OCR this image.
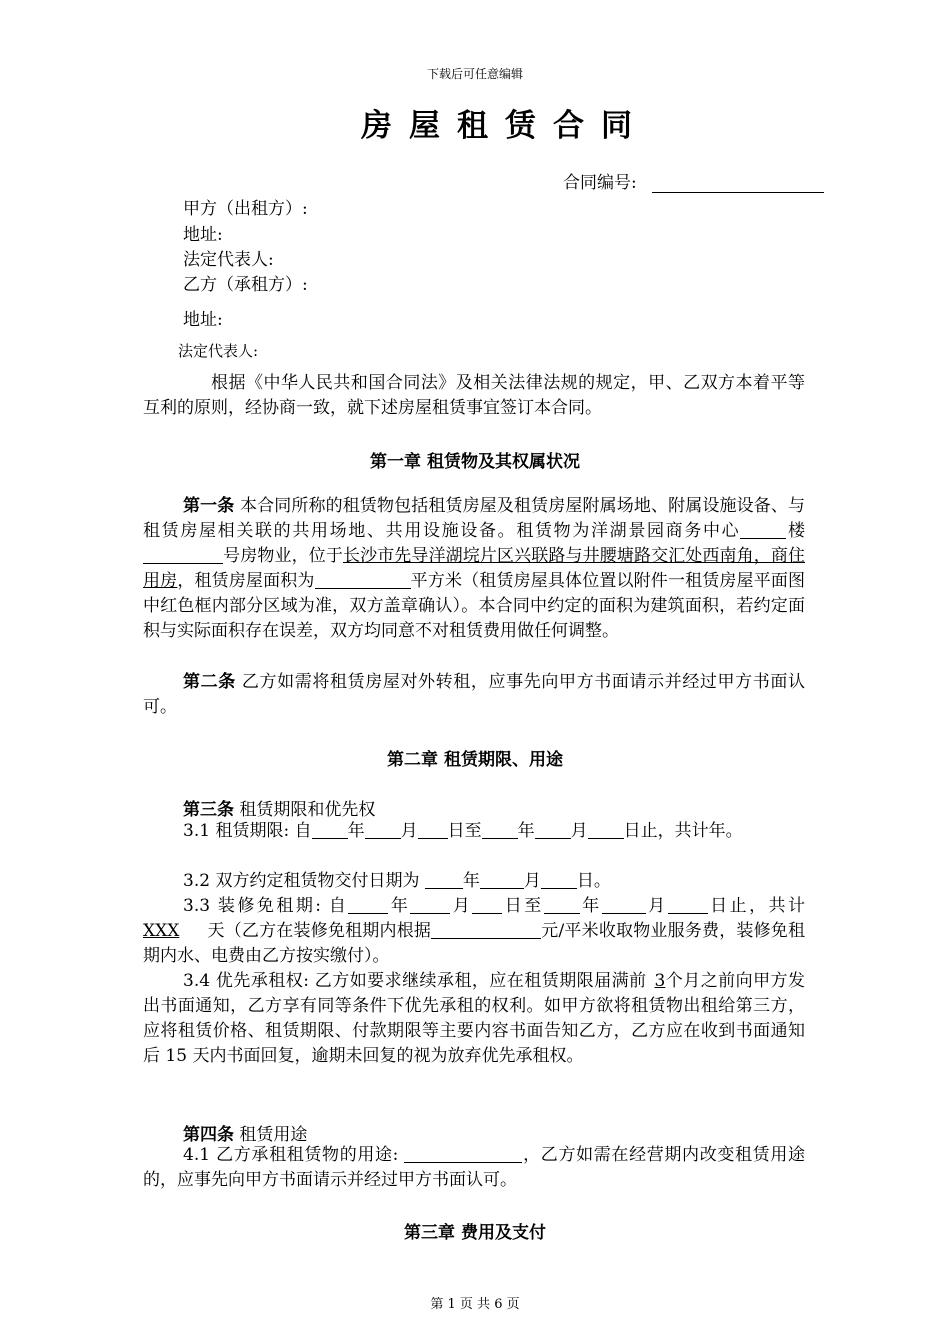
下载后可任意编辑
房屋租赁合同
合同编号:
甲方（出租方）:
地址:
法定代表人:
乙方（承租方）:
地址:
法定代表人:

根据《中华人民共和国合同法》及相关法律法规的规定，甲、乙双方本着平等互利的原则，经协商一致，就下述房屋租赁事宜签订本合同。

第一章 租赁物及其权属状况

第一条 本合同所称的租赁物包括租赁房屋及租赁房屋附属场地、附属设施设备、与租赁房屋相关联的共用场地、共用设施设备。租赁物为洋湖景园商务中心	楼号房物业，位于长沙市先导洋湖垸片区兴联路与井腰塘路交汇处西南角，商住用房，租赁房屋面积为	平方米（租赁房屋具体位置以附件一租赁房屋平面图中红色框内部分区域为准，双方盖章确认）。本合同中约定的面积为建筑面积，若约定面积与实际面积存在误差，双方均同意不对租赁费用做任何调整。

第二条 乙方如需将租赁房屋对外转租，应事先向甲方书面请示并经过甲方书面认可。

第二章 租赁期限、用途
第三条 租赁期限和优先权

3.1 租赁期限: 自 年 月 日至 年 月 日止，共计年。

3.2 双方约定租赁物交付日期为	年	月 日。

3.3 装修免租期: 自 年 月 日至 年	月 日止，共计XXX 天（乙方在装修免租期内根据	元/平米收取物业服务费，装修免租期内水、电费由乙方按实缴付）。

3.4 优先承租权: 乙方如要求继续承租，应在租赁期限届满前 3个月之前向甲方发出书面通知，乙方享有同等条件下优先承租的权利。如甲方欲将租赁物出租给第三方，应将租赁价格、租赁期限、付款期限等主要内容书面告知乙方，乙方应在收到书面通知后 15 天内书面回复，逾期未回复的视为放弃优先承租权。

第四条 租赁用途

4.1 乙方承租租赁物的用途:	，乙方如需在经营期内改变租赁用途的，应事先向甲方书面请示并经过甲方书面认可。

第三章 费用及支付
第 1 页 共 6 页
